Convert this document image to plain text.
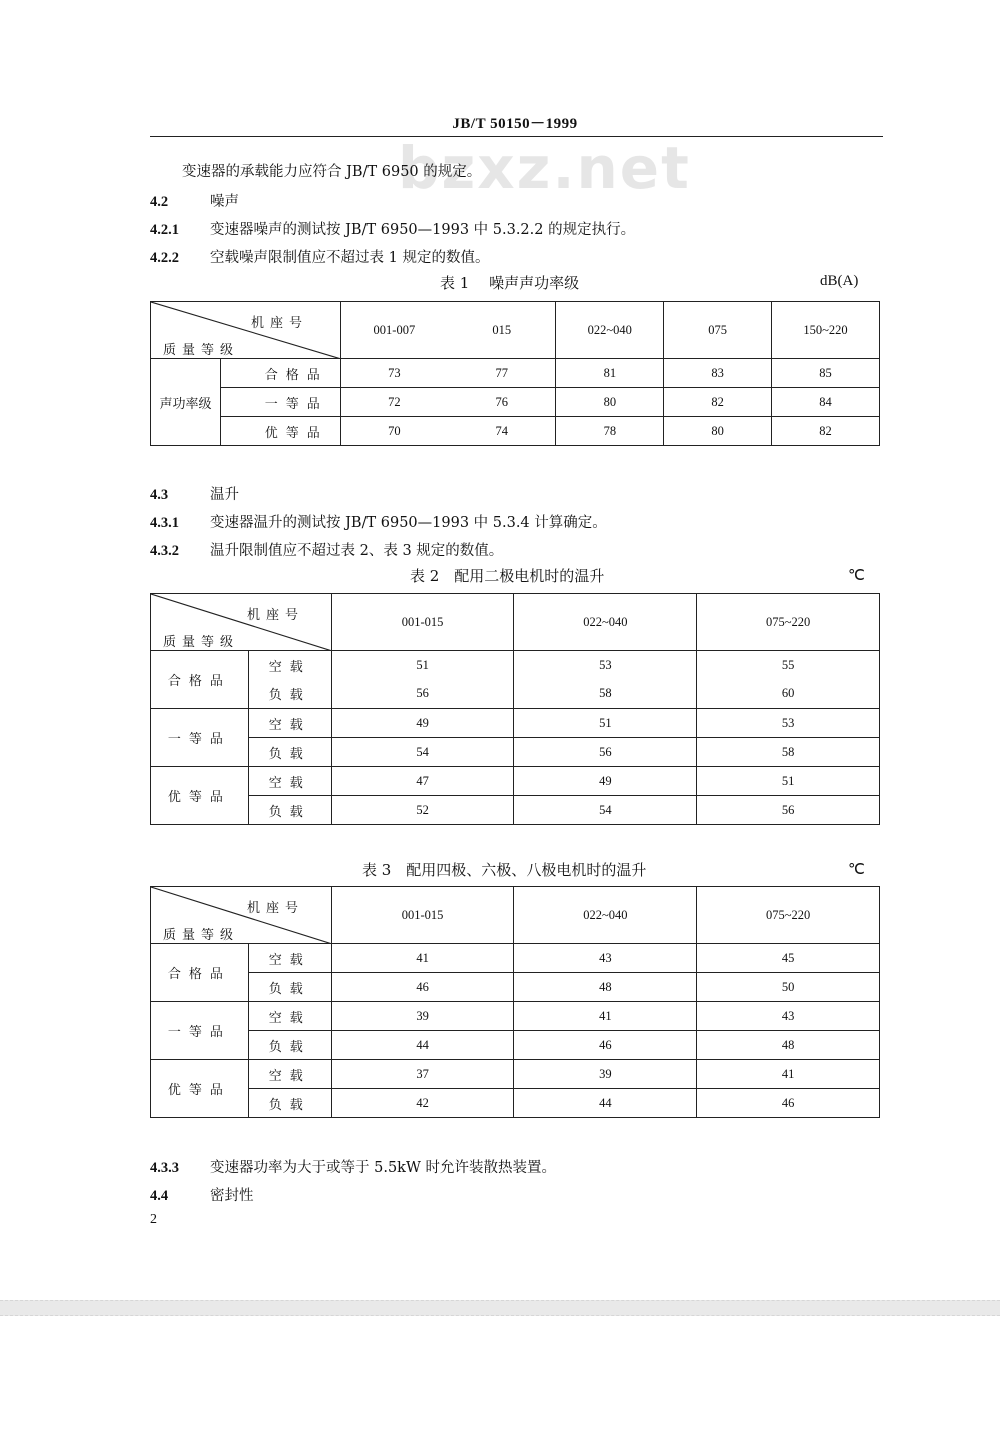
JB/T 50150－1999
bzxz.net
变速器的承载能力应符合 JB/T 6950 的规定。
4.2	噪声
4.2.1 变速器噪声的测试按 JB/T 6950—1993 中 5.3.2.2 的规定执行。
4.2.2 空载噪声限制值应不超过表 1 规定的数值。
表 1　 噪声声功率级	dB(A)
机座号
质量等级		001-007	015	022~040	075	150~220
声功率级	合格品	73	77	81	83	85
	一等品	72	76	80	82	84
	优等品	70	74	78	80	82
4.3	温升
4.3.1 变速器温升的测试按 JB/T 6950—1993 中 5.3.4 计算确定。
4.3.2 温升限制值应不超过表 2、表 3 规定的数值。
表 2　配用二极电机时的温升	℃
机座号
质量等级		001-015	022~040	075~220
合格品	空载	51	53	55
	负载	56	58	60
一等品	空载	49	51	53
	负载	54	56	58
优等品	空载	47	49	51
	负载	52	54	56
表 3　配用四极、六极、八极电机时的温升	℃
机座号
质量等级		001-015	022~040	075~220
合格品	空载	41	43	45
	负载	46	48	50
一等品	空载	39	41	43
	负载	44	46	48
优等品	空载	37	39	41
	负载	42	44	46
4.3.3 变速器功率为大于或等于 5.5kW 时允许装散热装置。
4.4	密封性
2
